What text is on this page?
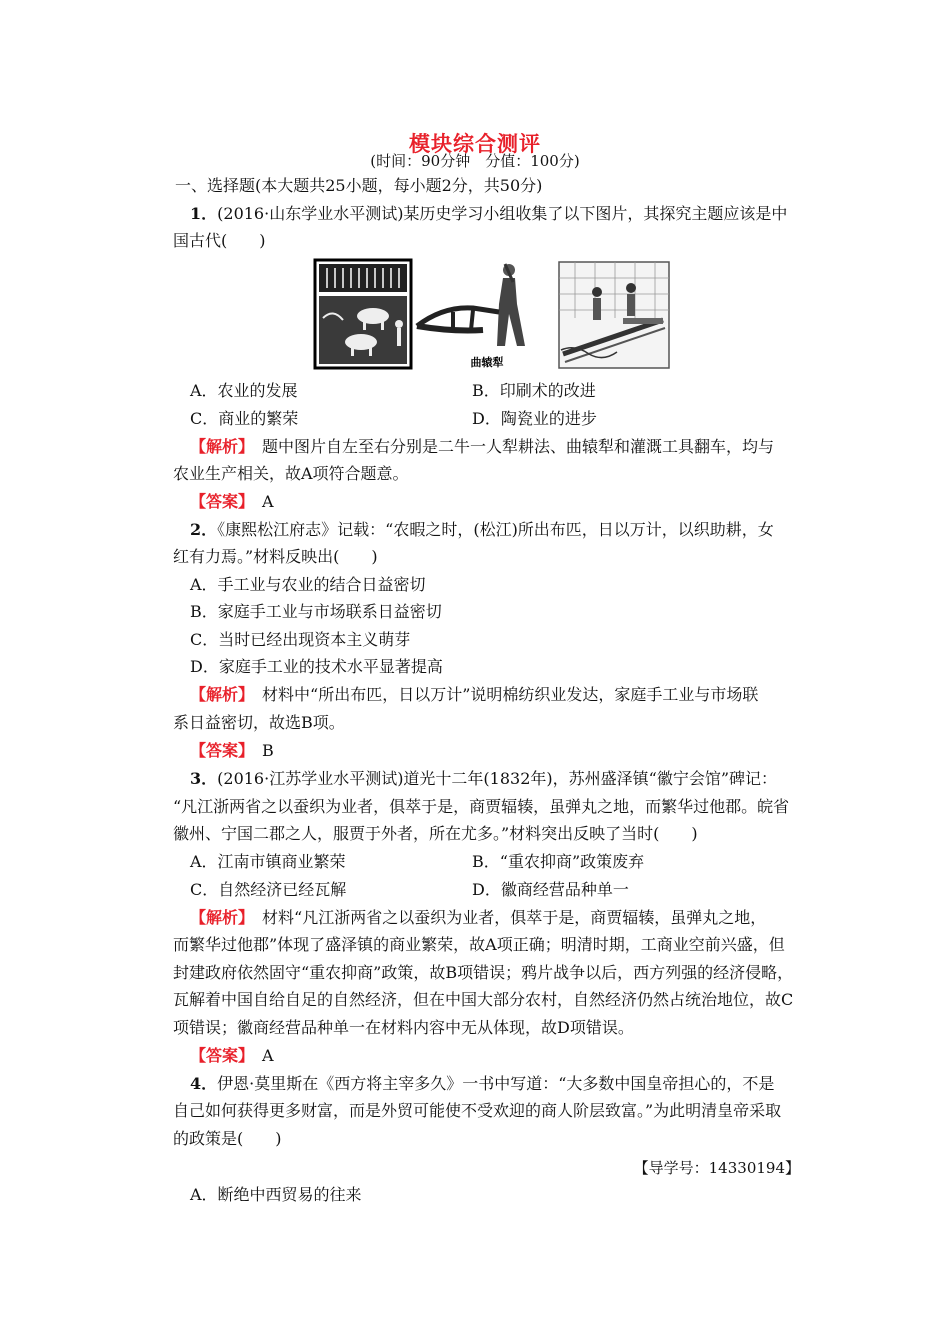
模块综合测评
(时间：90分钟　分值：100分)
一、选择题(本大题共25小题，每小题2分，共50分)
1．(2016·山东学业水平测试)某历史学习小组收集了以下图片，其探究主题应该是中
国古代(　　)
曲辕犁
A．农业的发展	B．印刷术的改进
C．商业的繁荣	D．陶瓷业的进步
【解析】　题中图片自左至右分别是二牛一人犁耕法、曲辕犁和灌溉工具翻车，均与
农业生产相关，故A项符合题意。
【答案】　A
2．《康熙松江府志》记载：“农暇之时，(松江)所出布匹，日以万计，以织助耕，女
红有力焉。”材料反映出(　　)
A．手工业与农业的结合日益密切
B．家庭手工业与市场联系日益密切
C．当时已经出现资本主义萌芽
D．家庭手工业的技术水平显著提高
【解析】　材料中“所出布匹，日以万计”说明棉纺织业发达，家庭手工业与市场联
系日益密切，故选B项。
【答案】　B
3．(2016·江苏学业水平测试)道光十二年(1832年)，苏州盛泽镇“徽宁会馆”碑记：
“凡江浙两省之以蚕织为业者，俱萃于是，商贾辐辏，虽弹丸之地，而繁华过他郡。皖省
徽州、宁国二郡之人，服贾于外者，所在尤多。”材料突出反映了当时(　　)
A．江南市镇商业繁荣	B．“重农抑商”政策废弃
C．自然经济已经瓦解	D．徽商经营品种单一
【解析】　材料“凡江浙两省之以蚕织为业者，俱萃于是，商贾辐辏，虽弹丸之地，
而繁华过他郡”体现了盛泽镇的商业繁荣，故A项正确；明清时期，工商业空前兴盛，但
封建政府依然固守“重农抑商”政策，故B项错误；鸦片战争以后，西方列强的经济侵略，
瓦解着中国自给自足的自然经济，但在中国大部分农村，自然经济仍然占统治地位，故C
项错误；徽商经营品种单一在材料内容中无从体现，故D项错误。
【答案】　A
4．伊恩·莫里斯在《西方将主宰多久》一书中写道：“大多数中国皇帝担心的，不是
自己如何获得更多财富，而是外贸可能使不受欢迎的商人阶层致富。”为此明清皇帝采取
的政策是(　　)
【导学号：14330194】
A．断绝中西贸易的往来
